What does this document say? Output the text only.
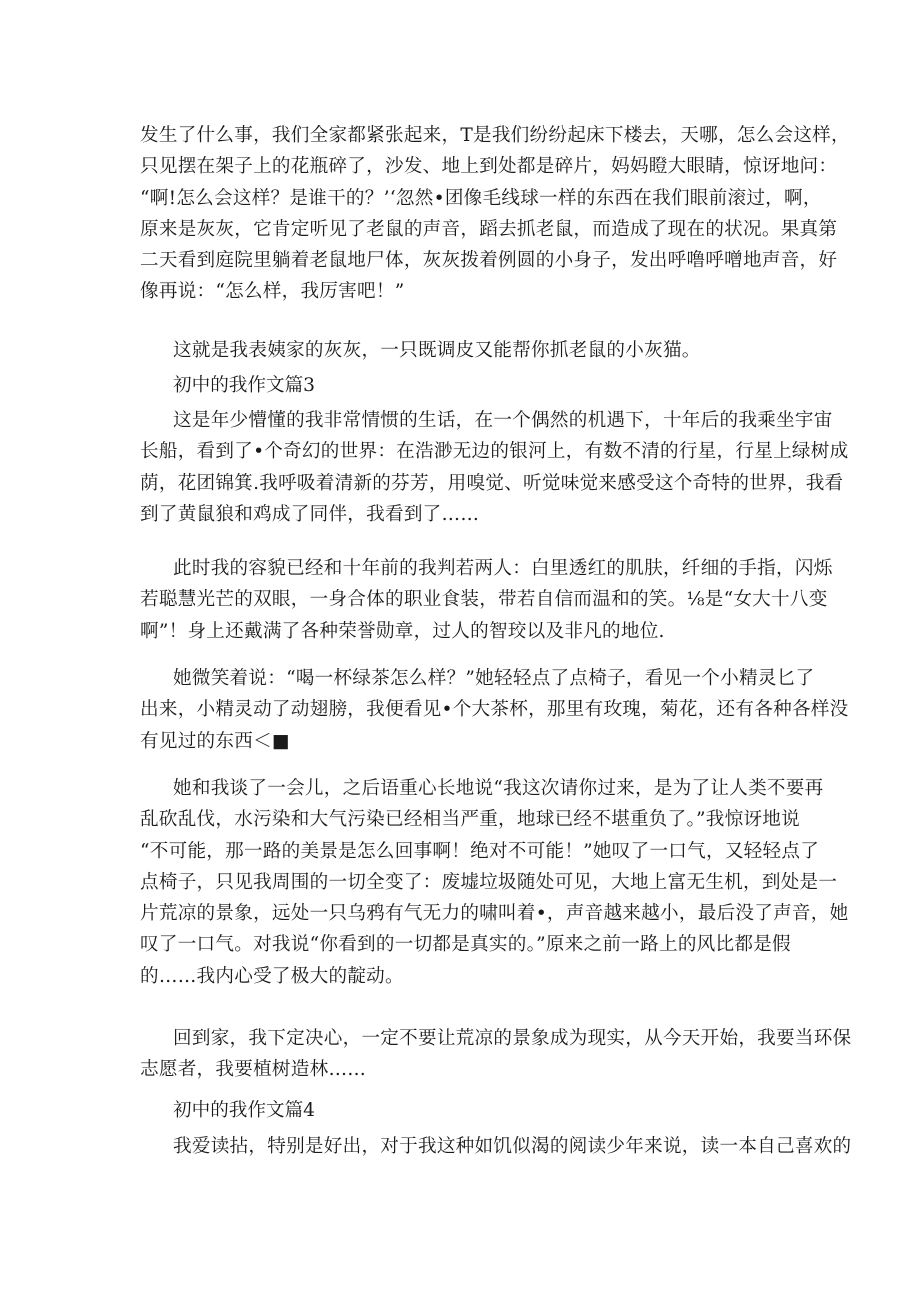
发生了什么事，我们全家都紧张起来，T是我们纷纷起床下楼去，天哪，怎么会这样，
只见摆在架子上的花瓶碎了，沙发、地上到处都是碎片，妈妈瞪大眼睛，惊讶地问：
“啊!怎么会这样？是谁干的？’‘忽然•团像毛线球一样的东西在我们眼前滚过，啊，
原来是灰灰，它肯定听见了老鼠的声音，蹈去抓老鼠，而造成了现在的状况。果真第
二天看到庭院里躺着老鼠地尸体，灰灰拨着例圆的小身子，发出呼噜呼噌地声音，好
像再说：“怎么样，我厉害吧！”

这就是我表姨家的灰灰，一只既调皮又能帮你抓老鼠的小灰猫。

初中的我作文篇3

这是年少懵懂的我非常情惯的生话，在一个偶然的机遇下，十年后的我乘坐宇宙
长船，看到了•个奇幻的世界：在浩渺无边的银河上，有数不清的行星，行星上绿树成
荫，花团锦箕.我呼吸着清新的芬芳，用嗅觉、听觉味觉来感受这个奇特的世界，我看
到了黄鼠狼和鸡成了同伴，我看到了……

此时我的容貌已经和十年前的我判若两人：白里透红的肌肤，纤细的手指，闪烁
若聪慧光芒的双眼，一身合体的职业食装，带若自信而温和的笑。⅛是“女大十八变
啊”！身上还戴满了各种荣誉勋章，过人的智珓以及非凡的地位.

她微笑着说：“喝一杯绿茶怎么样？”她轻轻点了点椅子，看见一个小精灵匕了
出来，小精灵动了动翅膀，我便看见•个大茶杯，那里有玫瑰，菊花，还有各种各样没
有见过的东西＜■

她和我谈了一会儿，之后语重心长地说“我这次请你过来，是为了让人类不要再
乱砍乱伐，水污染和大气污染已经相当严重，地球已经不堪重负了。”我惊讶地说
“不可能，那一路的美景是怎么回事啊！绝对不可能！”她叹了一口气，又轻轻点了
点椅子，只见我周围的一切全变了：废墟垃圾随处可见，大地上富无生机，到处是一
片荒凉的景象，远处一只乌鸦有气无力的啸叫着•，声音越来越小，最后没了声音，她
叹了一口气。对我说“你看到的一切都是真实的。”原来之前一路上的风比都是假
的……我内心受了极大的靛动。

回到家，我下定决心，一定不要让荒凉的景象成为现实，从今天开始，我要当环保
志愿者，我要植树造林……

初中的我作文篇4

我爱读拈，特别是好出，对于我这种如饥似渴的阅读少年来说，读一本自己喜欢的
